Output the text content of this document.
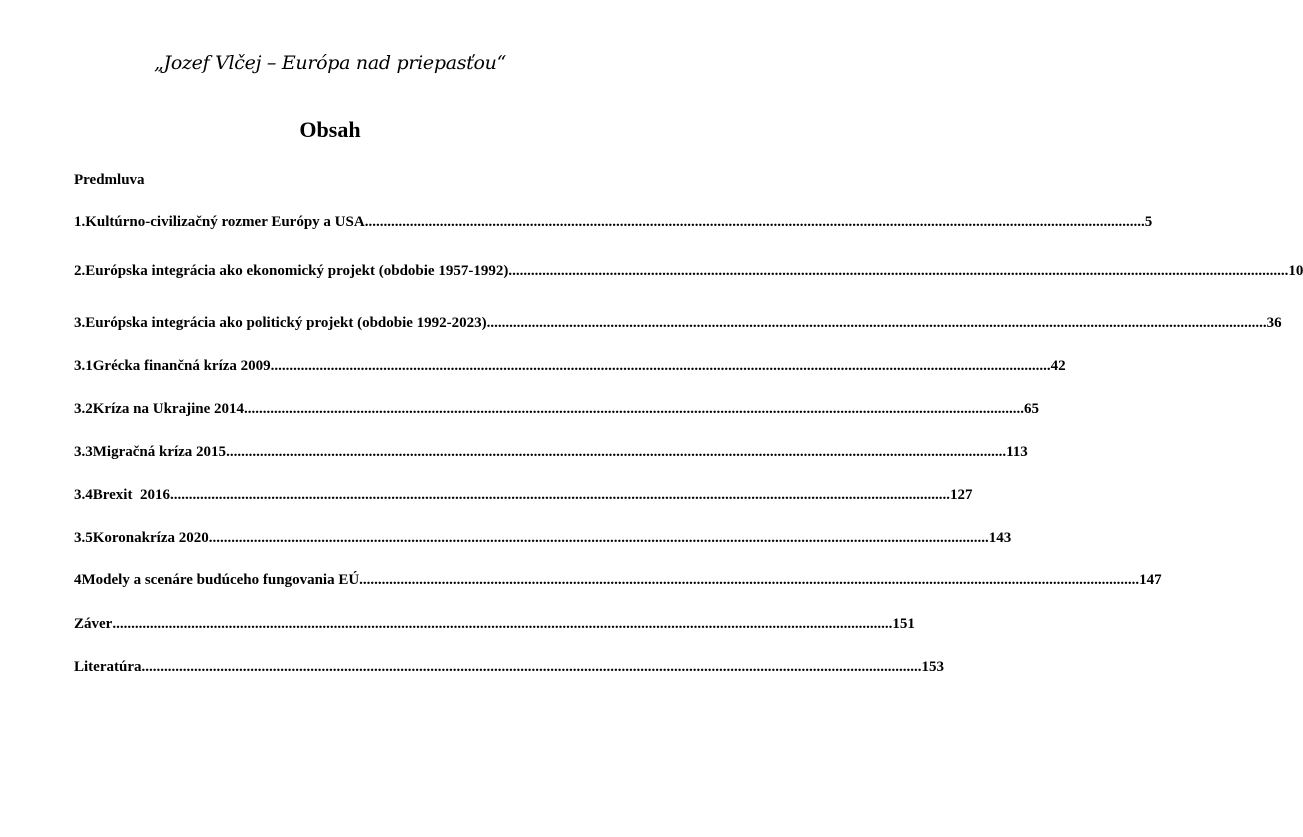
„Jozef Vlčej – Európa nad priepasťou“
Obsah
Predmluva
1. Kultúrno-civilizačný rozmer Európy a USA ................................................................................................................................................................................................................ 5
2. Európska integrácia ako ekonomický projekt (obdobie 1957-1992) ................................................................................................................................................................................................................ 10
3. Európska integrácia ako politický projekt (obdobie 1992-2023) ................................................................................................................................................................................................................ 36
3.1 Grécka finančná kríza 2009 ................................................................................................................................................................................................................ 42
3.2 Kríza na Ukrajine 2014 ................................................................................................................................................................................................................ 65
3.3 Migračná kríza 2015 ................................................................................................................................................................................................................ 113
3.4 Brexit  2016 ................................................................................................................................................................................................................ 127
3.5 Koronakríza 2020 ................................................................................................................................................................................................................ 143
4 Modely a scenáre budúceho fungovania EÚ ................................................................................................................................................................................................................ 147
Záver ................................................................................................................................................................................................................ 151
Literatúra ................................................................................................................................................................................................................ 153
